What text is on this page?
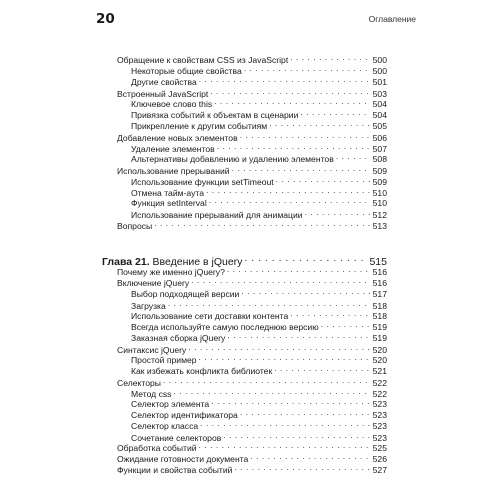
20	Оглавление
Обращение к свойствам CSS из JavaScript . . .	500
Некоторые общие свойства . . .	500
Другие свойства . . .	501
Встроенный JavaScript . . .	503
Ключевое слово this . . .	504
Привязка событий к объектам в сценарии . . .	504
Прикрепление к другим событиям . . .	505
Добавление новых элементов . . .	506
Удаление элементов . . .	507
Альтернативы добавлению и удалению элементов . . .	508
Использование прерываний . . .	509
Использование функции setTimeout . . .	509
Отмена тайм-аута . . .	510
Функция setInterval . . .	510
Использование прерываний для анимации . . .	512
Вопросы . . .	513
Глава 21. Введение в jQuery . . .	515
Почему же именно jQuery? . . .	516
Включение jQuery . . .	516
Выбор подходящей версии . . .	517
Загрузка . . .	518
Использование сети доставки контента . . .	518
Всегда используйте самую последнюю версию . . .	519
Заказная сборка jQuery . . .	519
Синтаксис jQuery . . .	520
Простой пример . . .	520
Как избежать конфликта библиотек . . .	521
Селекторы . . .	522
Метод css . . .	522
Селектор элемента . . .	523
Селектор идентификатора . . .	523
Селектор класса . . .	523
Сочетание селекторов . . .	523
Обработка событий . . .	525
Ожидание готовности документа . . .	526
Функции и свойства событий . . .	527
